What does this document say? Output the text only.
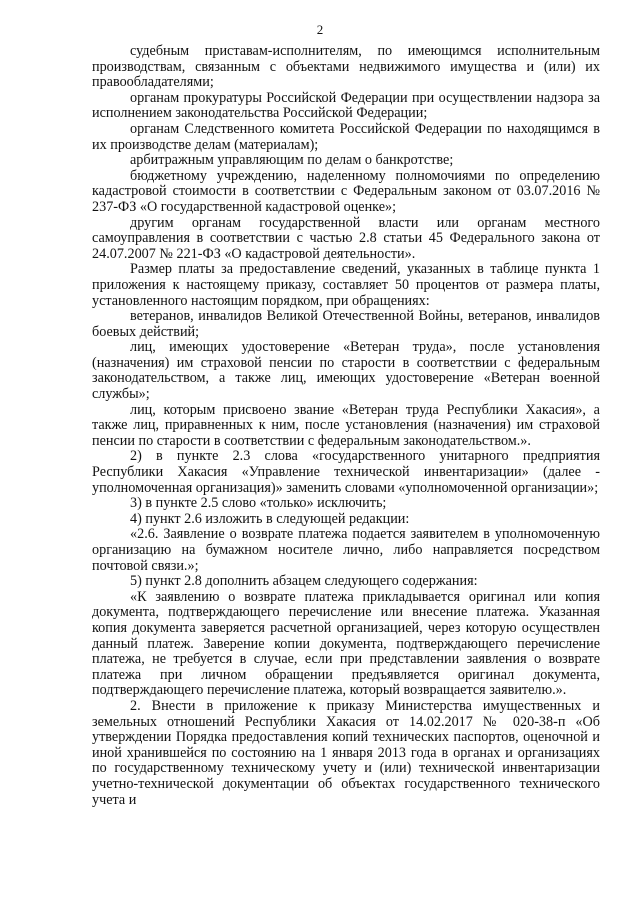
2

судебным приставам-исполнителям, по имеющимся исполнительным производствам, связанным с объектами недвижимого имущества и (или) их правообладателями;

органам прокуратуры Российской Федерации при осуществлении надзора за исполнением законодательства Российской Федерации;

органам Следственного комитета Российской Федерации по находящимся в их производстве делам (материалам);

арбитражным управляющим по делам о банкротстве;

бюджетному учреждению, наделенному полномочиями по определению кадастровой стоимости в соответствии с Федеральным законом от 03.07.2016 № 237-ФЗ «О государственной кадастровой оценке»;

другим органам государственной власти или органам местного самоуправления в соответствии с частью 2.8 статьи 45 Федерального закона от 24.07.2007 № 221-ФЗ «О кадастровой деятельности».

Размер платы за предоставление сведений, указанных в таблице пункта 1 приложения к настоящему приказу, составляет 50 процентов от размера платы, установленного настоящим порядком, при обращениях:

ветеранов, инвалидов Великой Отечественной Войны, ветеранов, инвалидов боевых действий;

лиц, имеющих удостоверение «Ветеран труда», после установления (назначения) им страховой пенсии по старости в соответствии с федеральным законодательством, а также лиц, имеющих удостоверение «Ветеран военной службы»;

лиц, которым присвоено звание «Ветеран труда Республики Хакасия», а также лиц, приравненных к ним, после установления (назначения) им страховой пенсии по старости в соответствии с федеральным законодательством.».

2) в пункте 2.3 слова «государственного унитарного предприятия Республики Хакасия «Управление технической инвентаризации» (далее - уполномоченная организация)» заменить словами «уполномоченной организации»;

3) в пункте 2.5 слово «только» исключить;

4) пункт 2.6 изложить в следующей редакции:

«2.6. Заявление о возврате платежа подается заявителем в уполномоченную организацию на бумажном носителе лично, либо направляется посредством почтовой связи.»;

5) пункт 2.8 дополнить абзацем следующего содержания:

«К заявлению о возврате платежа прикладывается оригинал или копия документа, подтверждающего перечисление или внесение платежа. Указанная копия документа заверяется расчетной организацией, через которую осуществлен данный платеж. Заверение копии документа, подтверждающего перечисление платежа, не требуется в случае, если при представлении заявления о возврате платежа при личном обращении предъявляется оригинал документа, подтверждающего перечисление платежа, который возвращается заявителю.».

2. Внести в приложение к приказу Министерства имущественных и земельных отношений Республики Хакасия от 14.02.2017 № 020-38-п «Об утверждении Порядка предоставления копий технических паспортов, оценочной и иной хранившейся по состоянию на 1 января 2013 года в органах и организациях по государственному техническому учету и (или) технической инвентаризации учетно-технической документации об объектах государственного технического учета и
